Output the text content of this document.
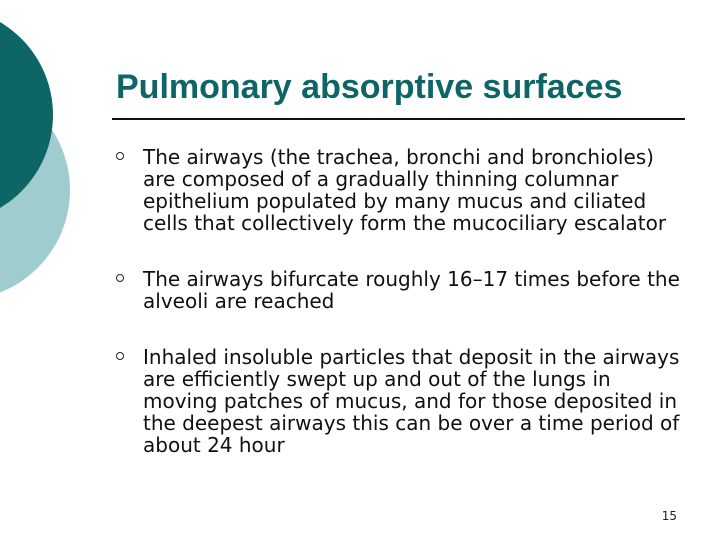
Pulmonary absorptive surfaces
The airways (the trachea, bronchi and bronchioles) are composed of a gradually thinning columnar epithelium populated by many mucus and ciliated cells that collectively form the mucociliary escalator
The airways bifurcate roughly 16–17 times before the alveoli are reached
Inhaled insoluble particles that deposit in the airways are efficiently swept up and out of the lungs in moving patches of mucus, and for those deposited in the deepest airways this can be over a time period of about 24 hour
15
